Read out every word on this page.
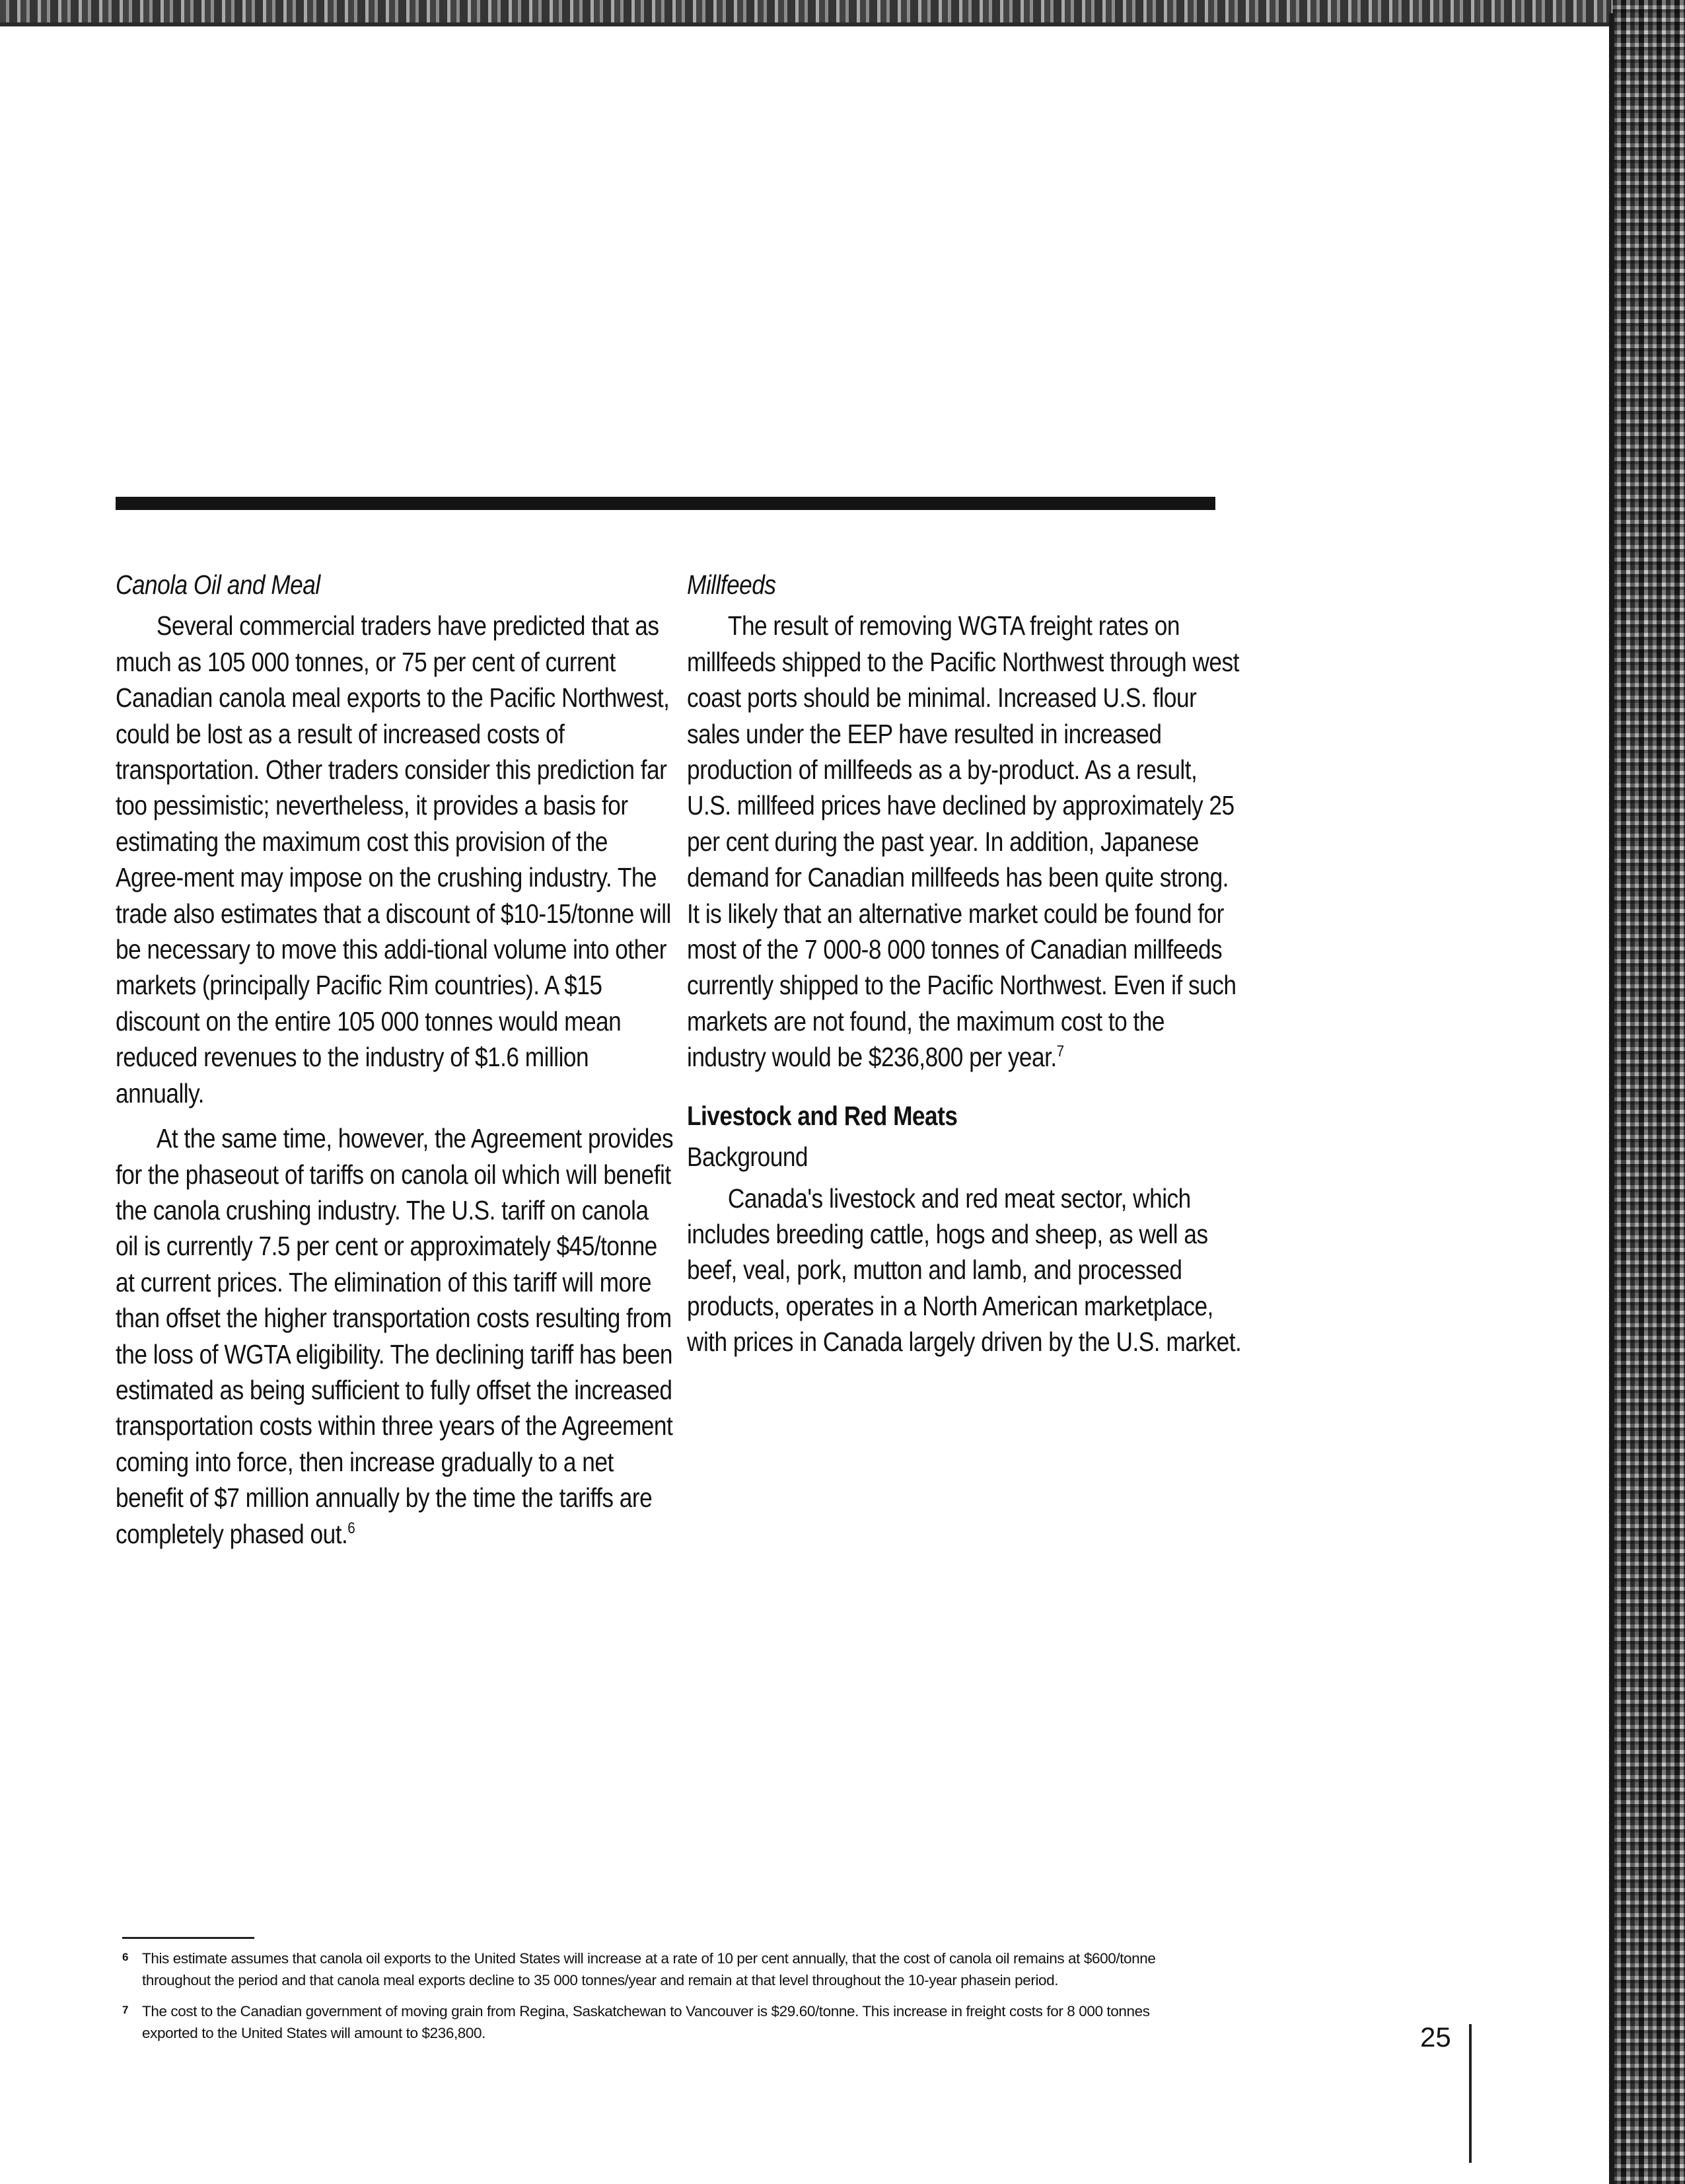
Canola Oil and Meal

Several commercial traders have predicted that as much as 105 000 tonnes, or 75 per cent of current Canadian canola meal exports to the Pacific Northwest, could be lost as a result of increased costs of transportation. Other traders consider this prediction far too pessimistic; nevertheless, it provides a basis for estimating the maximum cost this provision of the Agree-ment may impose on the crushing industry. The trade also estimates that a discount of $10-15/tonne will be necessary to move this addi-tional volume into other markets (principally Pacific Rim countries). A $15 discount on the entire 105 000 tonnes would mean reduced revenues to the industry of $1.6 million annually.

At the same time, however, the Agreement provides for the phaseout of tariffs on canola oil which will benefit the canola crushing industry. The U.S. tariff on canola oil is currently 7.5 per cent or approximately $45/tonne at current prices. The elimination of this tariff will more than offset the higher transportation costs resulting from the loss of WGTA eligibility. The declining tariff has been estimated as being sufficient to fully offset the increased transportation costs within three years of the Agreement coming into force, then increase gradually to a net benefit of $7 million annually by the time the tariffs are completely phased out.$^6$

Millfeeds

The result of removing WGTA freight rates on millfeeds shipped to the Pacific Northwest through west coast ports should be minimal. Increased U.S. flour sales under the EEP have resulted in increased production of millfeeds as a by-product. As a result, U.S. millfeed prices have declined by approximately 25 per cent during the past year. In addition, Japanese demand for Canadian millfeeds has been quite strong. It is likely that an alternative market could be found for most of the 7 000-8 000 tonnes of Canadian millfeeds currently shipped to the Pacific Northwest. Even if such markets are not found, the maximum cost to the industry would be $236,800 per year.$^7$

Livestock and Red Meats

Background

Canada's livestock and red meat sector, which includes breeding cattle, hogs and sheep, as well as beef, veal, pork, mutton and lamb, and processed products, operates in a North American marketplace, with prices in Canada largely driven by the U.S. market.

6 This estimate assumes that canola oil exports to the United States will increase at a rate of 10 per cent annually, that the cost of canola oil remains at $600/tonne throughout the period and that canola meal exports decline to 35 000 tonnes/year and remain at that level throughout the 10-year phasein period.
7 The cost to the Canadian government of moving grain from Regina, Saskatchewan to Vancouver is $29.60/tonne. This increase in freight costs for 8 000 tonnes exported to the United States will amount to $236,800.	25
